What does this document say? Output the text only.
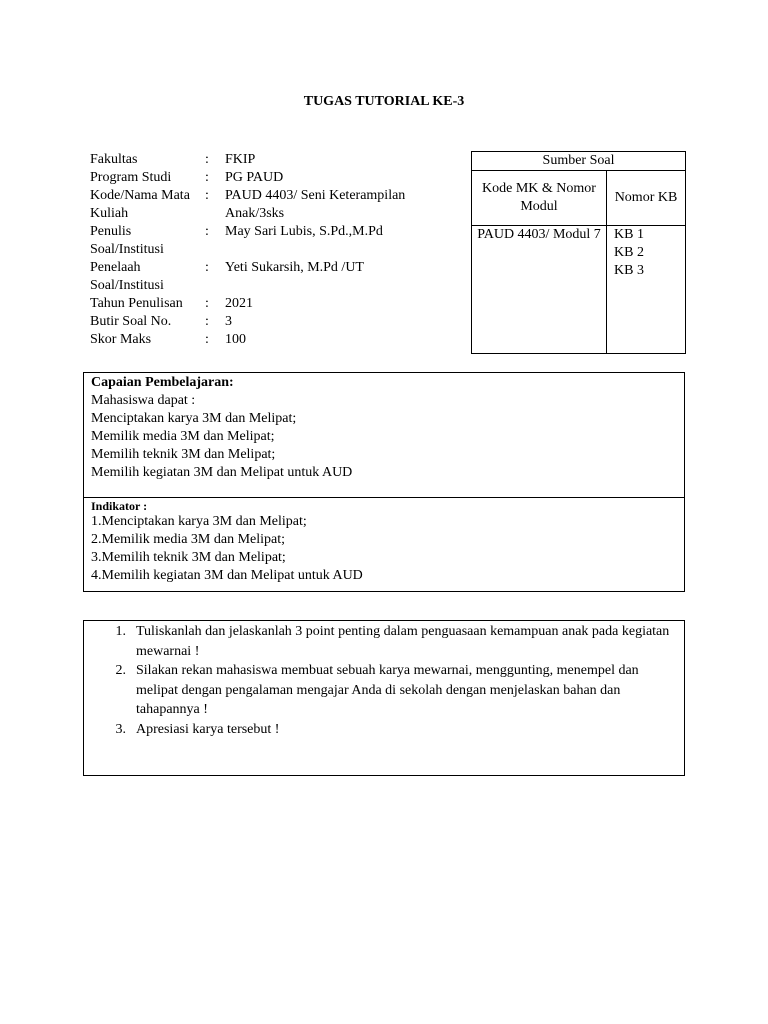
TUGAS TUTORIAL KE-3
Fakultas	:	FKIP
Program Studi	:	PG PAUD
Kode/Nama Mata Kuliah
:	PAUD 4403/ Seni Keterampilan Anak/3sks
Penulis Soal/Institusi
:	May Sari Lubis, S.Pd.,M.Pd
Penelaah Soal/Institusi
:	Yeti Sukarsih, M.Pd /UT
Tahun Penulisan	:	2021
Butir Soal No.	:	3
Skor Maks	:	100
Sumber Soal	
Kode MK & Nomor Modul	Nomor KB
PAUD 4403/ Modul 7	KB 1
KB 2
KB 3
Capaian Pembelajaran:
Mahasiswa dapat :
Menciptakan karya 3M dan Melipat;
Memilik media 3M dan Melipat;
Memilih teknik 3M dan Melipat;
Memilih kegiatan 3M dan Melipat untuk AUD
Indikator :
1.Menciptakan karya 3M dan Melipat;
2.Memilik media 3M dan Melipat;
3.Memilih teknik 3M dan Melipat;
4.Memilih kegiatan 3M dan Melipat untuk AUD
1. Tuliskanlah dan jelaskanlah 3 point penting dalam penguasaan kemampuan anak pada kegiatan mewarnai !
2. Silakan rekan mahasiswa membuat sebuah karya mewarnai, menggunting, menempel dan melipat dengan pengalaman mengajar Anda di sekolah dengan menjelaskan bahan dan tahapannya !
3. Apresiasi karya tersebut !
